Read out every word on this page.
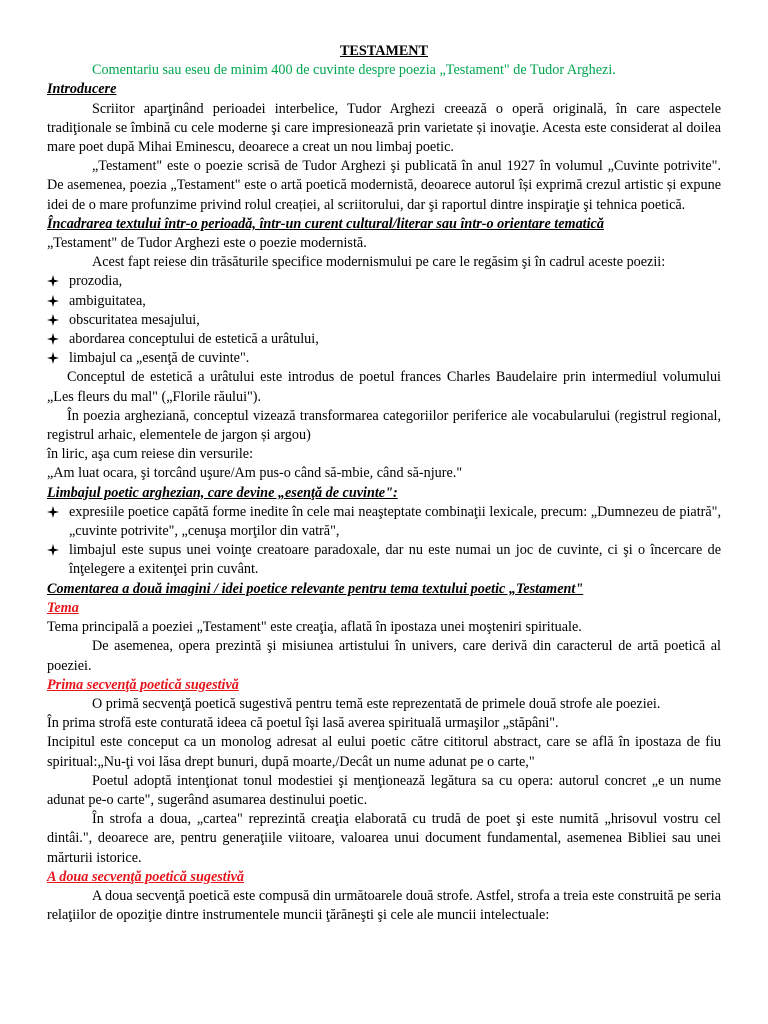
TESTAMENT

Comentariu sau eseu de minim 400 de cuvinte despre poezia „Testament" de Tudor Arghezi.

Introducere

Scriitor aparţinând perioadei interbelice, Tudor Arghezi creează o operă originală, în care aspectele tradiţionale se îmbină cu cele moderne şi care impresionează prin varietate și inovaţie. Acesta este considerat al doilea mare poet după Mihai Eminescu, deoarece a creat un nou limbaj poetic.

„Testament" este o poezie scrisă de Tudor Arghezi şi publicată în anul 1927 în volumul „Cuvinte potrivite". De asemenea, poezia „Testament" este o artă poetică modernistă, deoarece autorul își exprimă crezul artistic și expune idei de o mare profunzime privind rolul creației, al scriitorului, dar şi raportul dintre inspiraţie şi tehnica poetică.

Încadrarea textului într-o perioadă, într-un curent cultural/literar sau într-o orientare tematică

„Testament" de Tudor Arghezi este o poezie modernistă.

Acest fapt reiese din trăsăturile specifice modernismului pe care le regăsim şi în cadrul aceste poezii:

prozodia,
ambiguitatea,
obscuritatea mesajului,
abordarea conceptului de estetică a urâtului,
limbajul ca „esenţă de cuvinte".

Conceptul de estetică a urâtului este introdus de poetul frances Charles Baudelaire prin intermediul volumului „Les fleurs du mal" („Florile răului").

În poezia argheziană, conceptul vizează transformarea categoriilor periferice ale vocabularului (registrul regional, registrul arhaic, elementele de jargon și argou)

în liric, aşa cum reiese din versurile:

„Am luat ocara, şi torcând uşure/Am pus-o când să-mbie, când să-njure."

Limbajul poetic arghezian, care devine „esenţă de cuvinte":
expresiile poetice capătă forme inedite în cele mai neaşteptate combinaţii lexicale, precum: „Dumnezeu de piatră", „cuvinte potrivite", „cenuşa morţilor din vatră",
limbajul este supus unei voinţe creatoare paradoxale, dar nu este numai un joc de cuvinte, ci şi o încercare de înţelegere a exitenţei prin cuvânt.
Comentarea a două imagini / idei poetice relevante pentru tema textului poetic „Testament"
Tema

Tema principală a poeziei „Testament" este creaţia, aflată în ipostaza unei moşteniri spirituale.

De asemenea, opera prezintă şi misiunea artistului în univers, care derivă din caracterul de artă poetică al poeziei.

Prima secvenţă poetică sugestivă

O primă secvenţă poetică sugestivă pentru temă este reprezentată de primele două strofe ale poeziei.

În prima strofă este conturată ideea că poetul îşi lasă averea spirituală urmaşilor „stăpâni".

Incipitul este conceput ca un monolog adresat al eului poetic către cititorul abstract, care se află în ipostaza de fiu spiritual:„Nu-ţi voi lăsa drept bunuri, după moarte,/Decât un nume adunat pe o carte,"

Poetul adoptă intenţionat tonul modestiei şi menţionează legătura sa cu opera: autorul concret „e un nume adunat pe-o carte", sugerând asumarea destinului poetic.

În strofa a doua, „cartea" reprezintă creaţia elaborată cu trudă de poet şi este numită „hrisovul vostru cel dintâi.", deoarece are, pentru generaţiile viitoare, valoarea unui document fundamental, asemenea Bibliei sau unei mărturii istorice.

A doua secvenţă poetică sugestivă

A doua secvenţă poetică este compusă din următoarele două strofe. Astfel, strofa a treia este construită pe seria relaţiilor de opoziţie dintre instrumentele muncii ţărăneşti şi cele ale muncii intelectuale:
